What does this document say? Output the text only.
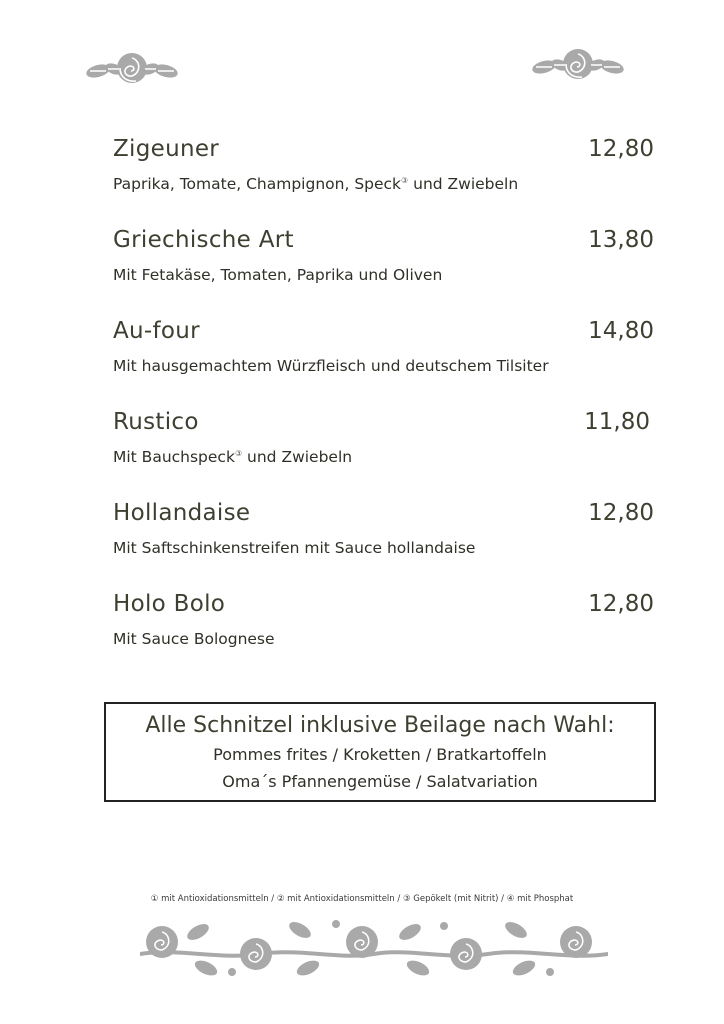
Zigeuner	12,80
Paprika, Tomate, Champignon, Speck③ und Zwiebeln
Griechische Art	13,80
Mit Fetakäse, Tomaten, Paprika und Oliven
Au-four	14,80
Mit hausgemachtem Würzfleisch und deutschem Tilsiter
Rustico	11,80
Mit Bauchspeck③ und Zwiebeln
Hollandaise	12,80
Mit Saftschinkenstreifen mit Sauce hollandaise
Holo Bolo	12,80
Mit Sauce Bolognese
Alle Schnitzel inklusive Beilage nach Wahl:
Pommes frites / Kroketten / Bratkartoffeln
Oma´s Pfannengemüse / Salatvariation
① mit Antioxidationsmitteln / ② mit Antioxidationsmitteln / ③ Gepökelt (mit Nitrit) / ④ mit Phosphat
